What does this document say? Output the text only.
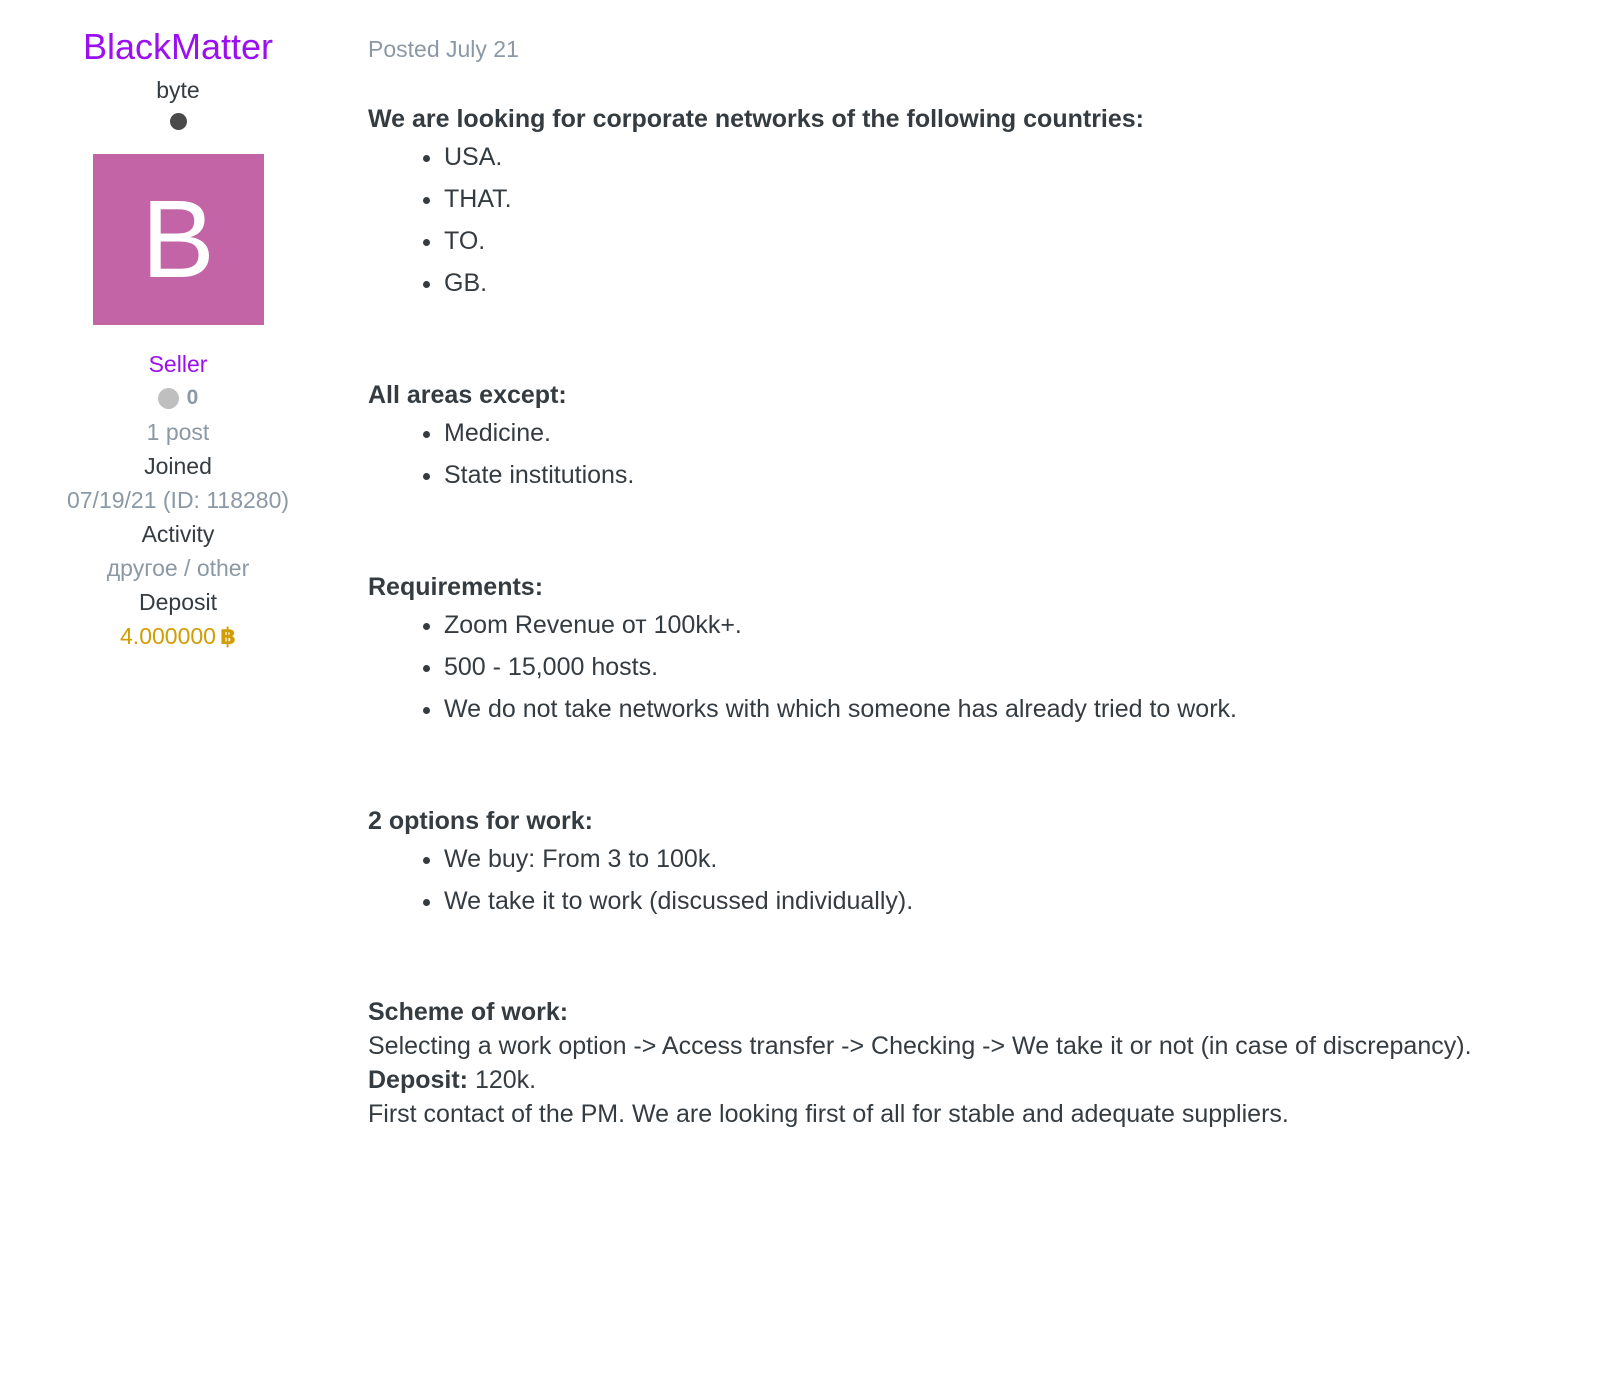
BlackMatter
byte
B
Seller
0
1 post
Joined
07/19/21 (ID: 118280)
Activity
другое / other
Deposit
4.000000 ฿

Posted July 21

We are looking for corporate networks of the following countries:

• USA.
• THAT.
• TO.
• GB.

All areas except:

• Medicine.
• State institutions.

Requirements:

• Zoom Revenue от 100kk+.
• 500 - 15,000 hosts.
• We do not take networks with which someone has already tried to work.

2 options for work:

• We buy: From 3 to 100k.
• We take it to work (discussed individually).

Scheme of work:

Selecting a work option -> Access transfer -> Checking -> We take it or not (in case of discrepancy).

Deposit: 120k.

First contact of the PM. We are looking first of all for stable and adequate suppliers.
